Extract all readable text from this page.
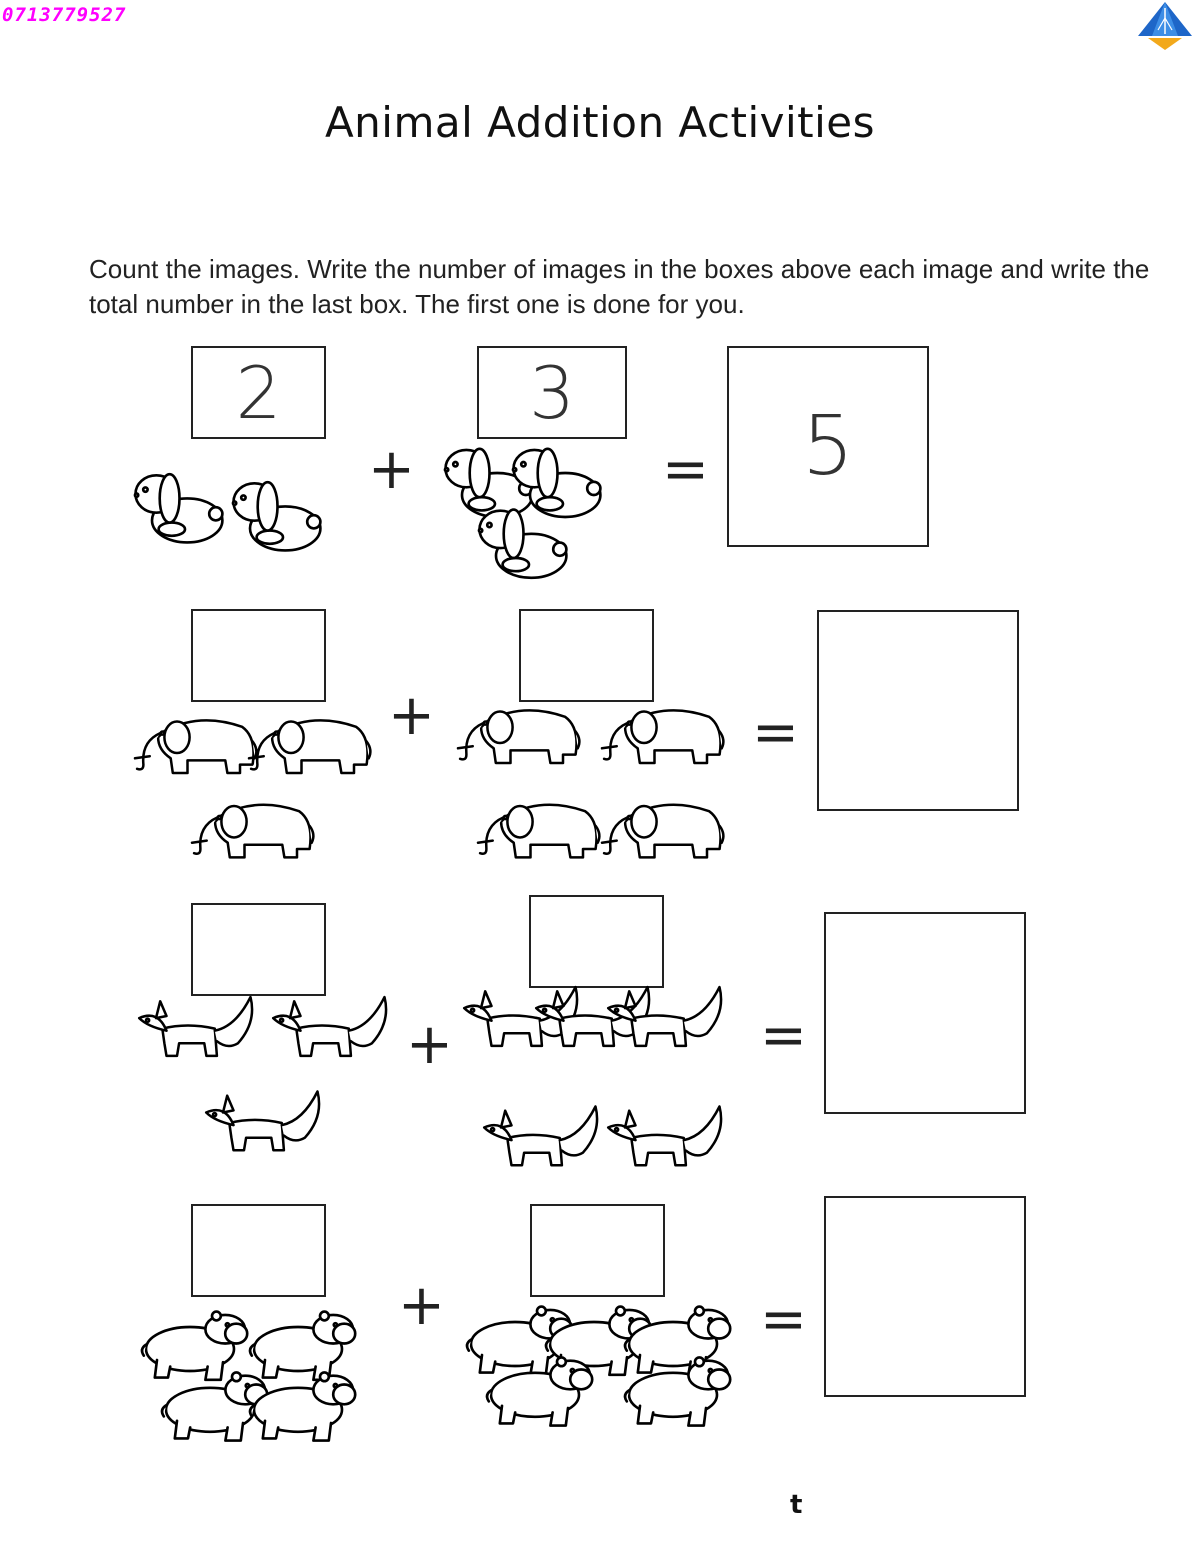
0713779527
Animal Addition Activities
Count the images. Write the number of images in the boxes above each image and write the total number in the last box. The first one is done for you.
2	3
5
+	=
+	=
+	=
+	=
t
